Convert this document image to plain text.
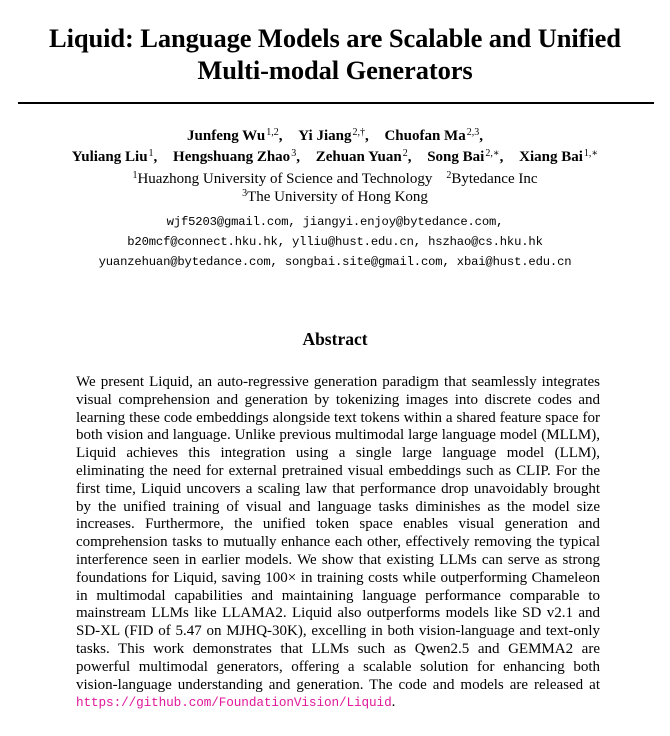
Liquid: Language Models are Scalable and Unified
Multi-modal Generators
Junfeng Wu$^{1,2}$, Yi Jiang$^{2,\dagger}$, Chuofan Ma$^{2,3}$,
Yuliang Liu$^1$, Hengshuang Zhao$^3$, Zehuan Yuan$^2$, Song Bai$^{2,∗}$, Xiang Bai$^{1,∗}$
$^1$Huazhong University of Science and Technology $^2$Bytedance Inc
$^3$The University of Hong Kong
wjf5203@gmail.com, jiangyi.enjoy@bytedance.com,
b20mcf@connect.hku.hk, ylliu@hust.edu.cn, hszhao@cs.hku.hk
yuanzehuan@bytedance.com, songbai.site@gmail.com, xbai@hust.edu.cn
Abstract
We present Liquid, an auto-regressive generation paradigm that seamlessly integrates visual comprehension and generation by tokenizing images into discrete codes and learning these code embeddings alongside text tokens within a shared feature space for both vision and language. Unlike previous multimodal large language model (MLLM), Liquid achieves this integration using a single large language model (LLM), eliminating the need for external pretrained visual embeddings such as CLIP. For the first time, Liquid uncovers a scaling law that performance drop unavoidably brought by the unified training of visual and language tasks diminishes as the model size increases. Furthermore, the unified token space enables visual generation and comprehension tasks to mutually enhance each other, effectively removing the typical interference seen in earlier models. We show that existing LLMs can serve as strong foundations for Liquid, saving 100× in training costs while outperforming Chameleon in multimodal capabilities and maintaining language performance comparable to mainstream LLMs like LLAMA2. Liquid also outperforms models like SD v2.1 and SD-XL (FID of 5.47 on MJHQ-30K), excelling in both vision-language and text-only tasks. This work demonstrates that LLMs such as Qwen2.5 and GEMMA2 are powerful multimodal generators, offering a scalable solution for enhancing both vision-language understanding and generation. The code and models are released at https://github.com/FoundationVision/Liquid.
